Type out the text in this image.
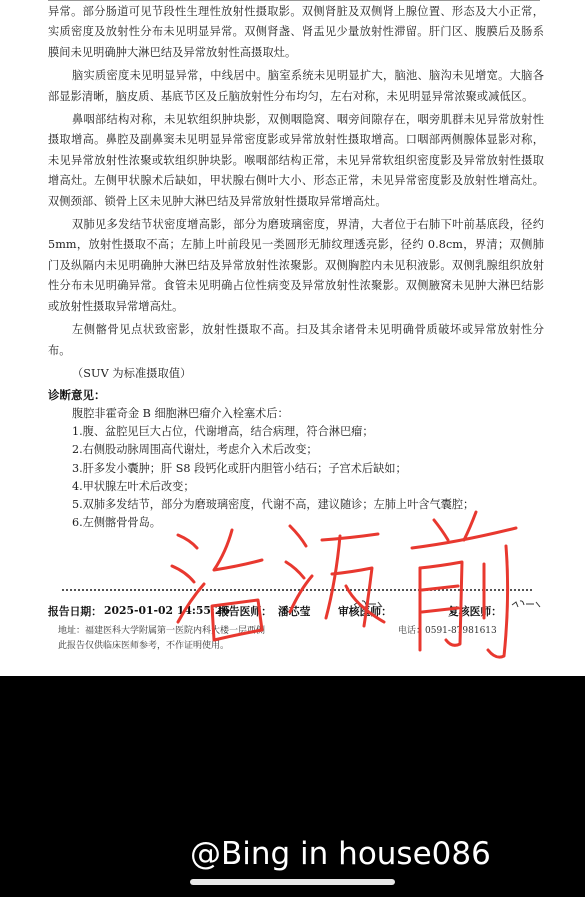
异常。部分肠道可见节段性生理性放射性摄取影。双侧肾脏及双侧肾上腺位置、形态及大小正常，实质密度及放射性分布未见明显异常。双侧肾盏、肾盂见少量放射性滞留。肝门区、腹膜后及肠系膜间未见明确肿大淋巴结及异常放射性高摄取灶。

脑实质密度未见明显异常，中线居中。脑室系统未见明显扩大，脑池、脑沟未见增宽。大脑各部显影清晰，脑皮质、基底节区及丘脑放射性分布均匀，左右对称，未见明显异常浓聚或减低区。

鼻咽部结构对称，未见软组织肿块影，双侧咽隐窝、咽旁间隙存在，咽旁肌群未见异常放射性摄取增高。鼻腔及副鼻窦未见明显异常密度影或异常放射性摄取增高。口咽部两侧腺体显影对称，未见异常放射性浓聚或软组织肿块影。喉咽部结构正常，未见异常软组织密度影及异常放射性摄取增高灶。左侧甲状腺术后缺如，甲状腺右侧叶大小、形态正常，未见异常密度影及放射性增高灶。双侧颈部、锁骨上区未见肿大淋巴结及异常放射性摄取异常增高灶。

双肺见多发结节状密度增高影，部分为磨玻璃密度，界清，大者位于右肺下叶前基底段，径约 5mm，放射性摄取不高；左肺上叶前段见一类圆形无肺纹理透亮影，径约 0.8cm，界清；双侧肺门及纵隔内未见明确肿大淋巴结及异常放射性浓聚影。双侧胸腔内未见积液影。双侧乳腺组织放射性分布未见明确异常。食管未见明确占位性病变及异常放射性浓聚影。双侧腋窝未见肿大淋巴结影或放射性摄取异常增高灶。

左侧髂骨见点状致密影，放射性摄取不高。扫及其余诸骨未见明确骨质破坏或异常放射性分布。

（SUV 为标准摄取值）

诊断意见：
腹腔非霍奇金 B 细胞淋巴瘤介入栓塞术后：
1.腹、盆腔见巨大占位，代谢增高，结合病理，符合淋巴瘤；
2.右侧股动脉周围高代谢灶，考虑介入术后改变；
3.肝多发小囊肿；肝 S8 段钙化或肝内胆管小结石；子宫术后缺如；
4.甲状腺左叶术后改变；
5.双肺多发结节，部分为磨玻璃密度，代谢不高，建议随诊；左肺上叶含气囊腔；
6.左侧髂骨骨岛。
报告日期： 2025-01-02 14:55:26
报告医师： 潘芯莹	审核医师：	复核医师：
地址：福建医科大学附属第一医院内科大楼一层西侧	电话：0591-87981613
此报告仅供临床医师参考，不作证明使用。
@Bing⁠⁠ in house086
